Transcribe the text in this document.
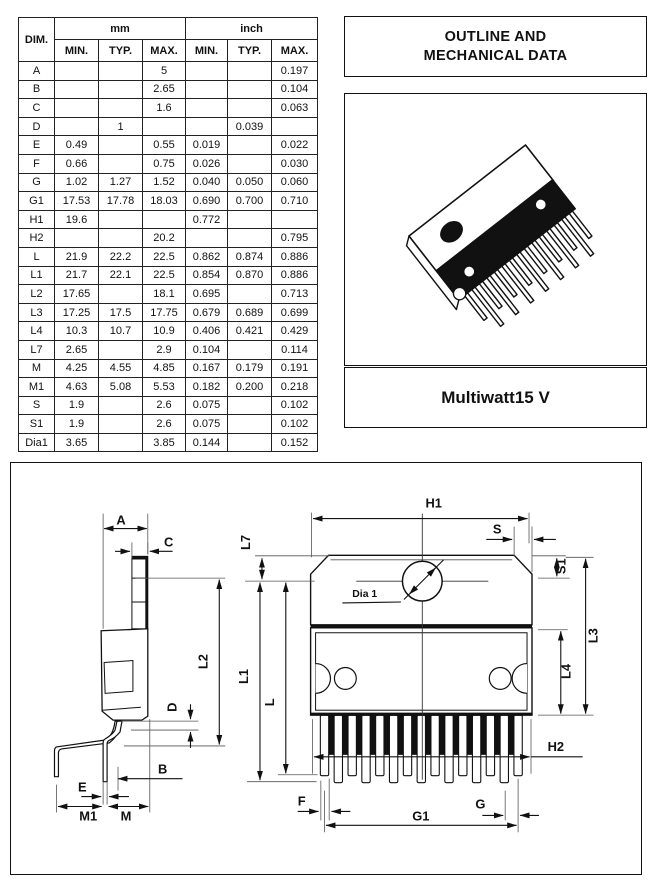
DIM.	mm			inch		
	MIN.	TYP.	MAX.	MIN.	TYP.	MAX.
A			5			0.197
B			2.65			0.104
C			1.6			0.063
D		1			0.039	
E	0.49		0.55	0.019		0.022
F	0.66		0.75	0.026		0.030
G	1.02	1.27	1.52	0.040	0.050	0.060
G1	17.53	17.78	18.03	0.690	0.700	0.710
H1	19.6			0.772		
H2			20.2			0.795
L	21.9	22.2	22.5	0.862	0.874	0.886
L1	21.7	22.1	22.5	0.854	0.870	0.886
L2	17.65		18.1	0.695		0.713
L3	17.25	17.5	17.75	0.679	0.689	0.699
L4	10.3	10.7	10.9	0.406	0.421	0.429
L7	2.65		2.9	0.104		0.114
M	4.25	4.55	4.85	0.167	0.179	0.191
M1	4.63	5.08	5.53	0.182	0.200	0.218
S	1.9		2.6	0.075		0.102
S1	1.9		2.6	0.075		0.102
Dia1	3.65		3.85	0.144		0.152
OUTLINE AND
MECHANICAL DATA
Multiwatt15 V
A
C
L2
D
B
E
M1 M
H1
S
S1
L7
L1
L
Dia 1
L3
L4
H2
F	G
G1
